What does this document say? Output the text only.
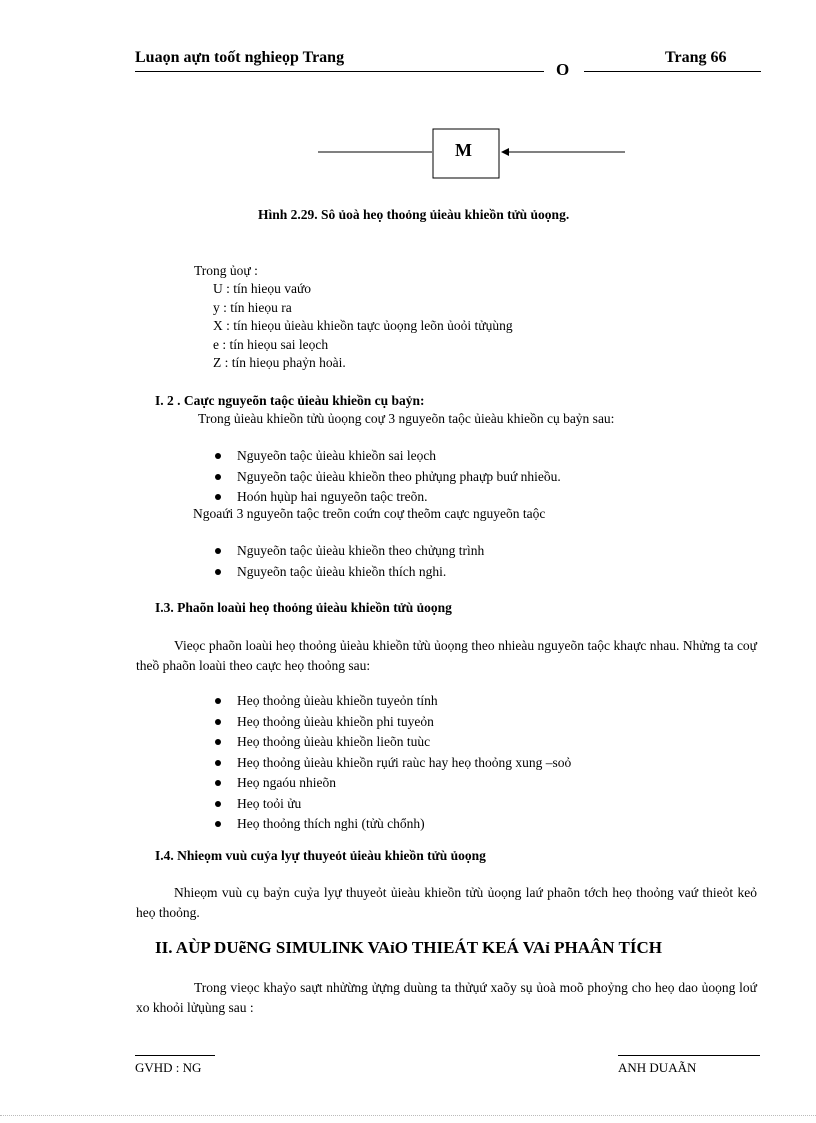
Luaọn aựn toốt nghieọp Trang
O
Trang 66
M
Hình 2.29. Sô ủoà heọ thoỏng ủieàu khieồn tửù ủoọng.
Trong ủoự :
U : tín hieọu vaứo
y : tín hieọu ra
X : tín hieọu ủieàu khieồn taực ủoọng leõn ủoỏi tửụùng
e : tín hieọu sai leọch
Z : tín hieọu phaỷn hoài.
I. 2 . Caực nguyeõn taộc ủieàu khieồn cụ baỷn:
Trong ủieàu khieồn tửù ủoọng coự 3 nguyeõn taộc ủieàu khieồn cụ baỷn sau:
Nguyeõn taộc ủieàu khieồn sai leọch
Nguyeõn taộc ủieàu khieồn theo phửụng phaựp buứ nhieồu.
Hoón hụùp hai nguyeõn taộc treõn.
Ngoaứi 3 nguyeõn taộc treõn coứn coự theõm caực nguyeõn taộc
Nguyeõn taộc ủieàu khieồn theo chửụng trình
Nguyeõn taộc ủieàu khieồn thích nghi.
I.3. Phaõn loaùi heọ thoỏng ủieàu khieồn tửù ủoọng
Vieọc phaõn loaùi heọ thoỏng ủieàu khieồn tửù ủoọng theo nhieàu nguyeõn taộc khaực nhau. Nhửng ta coự theồ phaõn loaùi theo caực heọ thoỏng sau:
Heọ thoỏng ủieàu khieồn tuyeỏn tính
Heọ thoỏng ủieàu khieồn phi tuyeỏn
Heọ thoỏng ủieàu khieồn lieõn tuùc
Heọ thoỏng ủieàu khieồn rụứi raùc hay heọ thoỏng xung –soỏ
Heọ ngaóu nhieõn
Heọ toỏi ửu
Heọ thoỏng thích nghi (tửù chổnh)
I.4. Nhieọm vuù cuỷa lyự thuyeỏt ủieàu khieồn tửù ủoọng
Nhieọm vuù cụ baỷn cuỷa lyự thuyeỏt ủieàu khieồn tửù ủoọng laứ phaõn tớch heọ thoỏng vaứ thieỏt keỏ heọ thoỏng.
II. AÙP DUẽNG SIMULINK VAỉO THIEÁT KEÁ VAỉ PHAÂN TÍCH
Trong vieọc khaỷo saựt nhửừng ửựng duùng ta thửụứ xaõy sụ ủoà moõ phoỷng cho heọ dao ủoọng loứ xo khoỏi lửụùng sau :
GVHD : NG	ANH DUAÃN
